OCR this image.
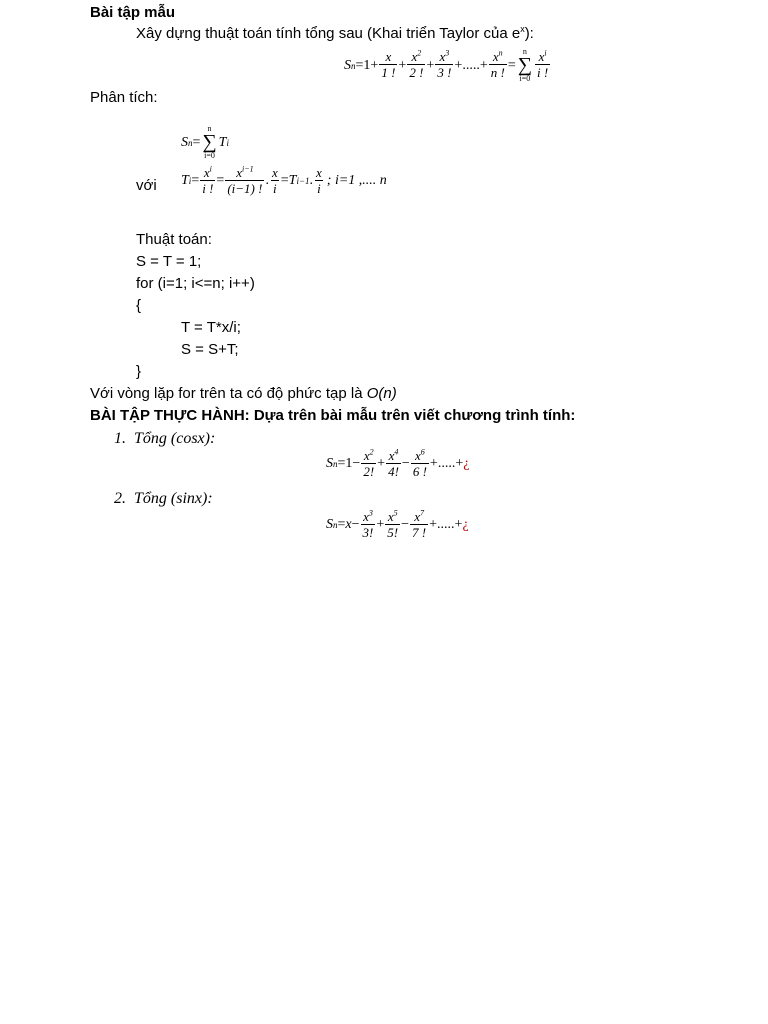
Bài tập mẫu
Xây dựng thuật toán tính tổng sau (Khai triển Taylor của $e^x$):
S $n = 1 + \frac{x}{1 !} + \frac{x^2}{2 !} + \frac{x^3}{3 !}$ + ..... + $\frac{x^n}{n !}$ =
n
∑
$i=0 \frac{x^i}{i !}$
Phân tích:
S n =
n
∑
i=0
T i
với T $i = \frac{x^i}{i !} = \frac{x^{i-1}}{(i-1) !}$ . $\frac{x}{i} = T$ i−1 . $\frac{x}{i}$ ; i=1 ,.... n
Thuật toán:
S = T = 1;
for (i=1; i<=n; i++)
{
T = T*x/i;
S = S+T;
}
Với vòng lặp for trên ta có độ phức tạp là O(n)
BÀI TẬP THỰC HÀNH: Dựa trên bài mẫu trên viết chương trình tính:
1. Tổng (cosx):
S $n = 1 - \frac{x^2}{2!} + \frac{x^4}{4!} - \frac{x^6}{6 !}$ + ..... + ¿
2. Tổng (sinx):
S $n = x - \frac{x^3}{3!} + \frac{x^5}{5!} - \frac{x^7}{7 !}$ + ..... + ¿
